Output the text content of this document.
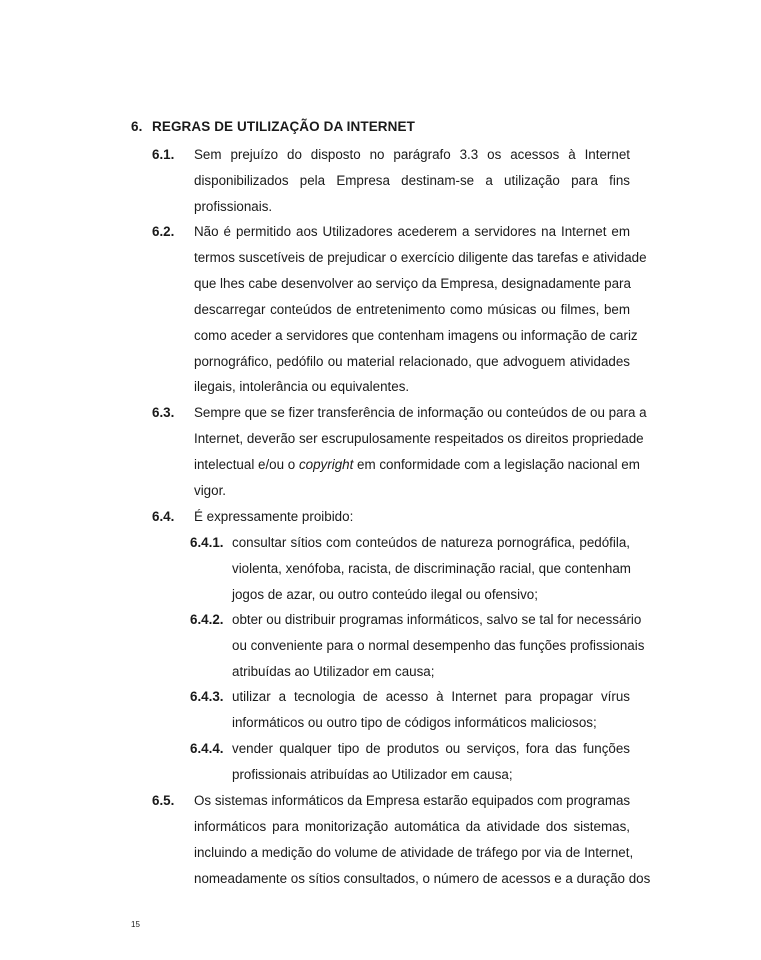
6. REGRAS DE UTILIZAÇÃO DA INTERNET
6.1. Sem prejuízo do disposto no parágrafo 3.3 os acessos à Internet
disponibilizados pela Empresa destinam-se a utilização para fins
profissionais.
6.2. Não é permitido aos Utilizadores acederem a servidores na Internet em
termos suscetíveis de prejudicar o exercício diligente das tarefas e atividade
que lhes cabe desenvolver ao serviço da Empresa, designadamente para
descarregar conteúdos de entretenimento como músicas ou filmes, bem
como aceder a servidores que contenham imagens ou informação de cariz
pornográfico, pedófilo ou material relacionado, que advoguem atividades
ilegais, intolerância ou equivalentes.
6.3. Sempre que se fizer transferência de informação ou conteúdos de ou para a
Internet, deverão ser escrupulosamente respeitados os direitos propriedade
intelectual e/ou o copyright em conformidade com a legislação nacional em
vigor.
6.4. É expressamente proibido:
6.4.1. consultar sítios com conteúdos de natureza pornográfica, pedófila,
violenta, xenófoba, racista, de discriminação racial, que contenham
jogos de azar, ou outro conteúdo ilegal ou ofensivo;
6.4.2. obter ou distribuir programas informáticos, salvo se tal for necessário
ou conveniente para o normal desempenho das funções profissionais
atribuídas ao Utilizador em causa;
6.4.3. utilizar a tecnologia de acesso à Internet para propagar vírus
informáticos ou outro tipo de códigos informáticos maliciosos;
6.4.4. vender qualquer tipo de produtos ou serviços, fora das funções
profissionais atribuídas ao Utilizador em causa;
6.5. Os sistemas informáticos da Empresa estarão equipados com programas
informáticos para monitorização automática da atividade dos sistemas,
incluindo a medição do volume de atividade de tráfego por via de Internet,
nomeadamente os sítios consultados, o número de acessos e a duração dos
15
